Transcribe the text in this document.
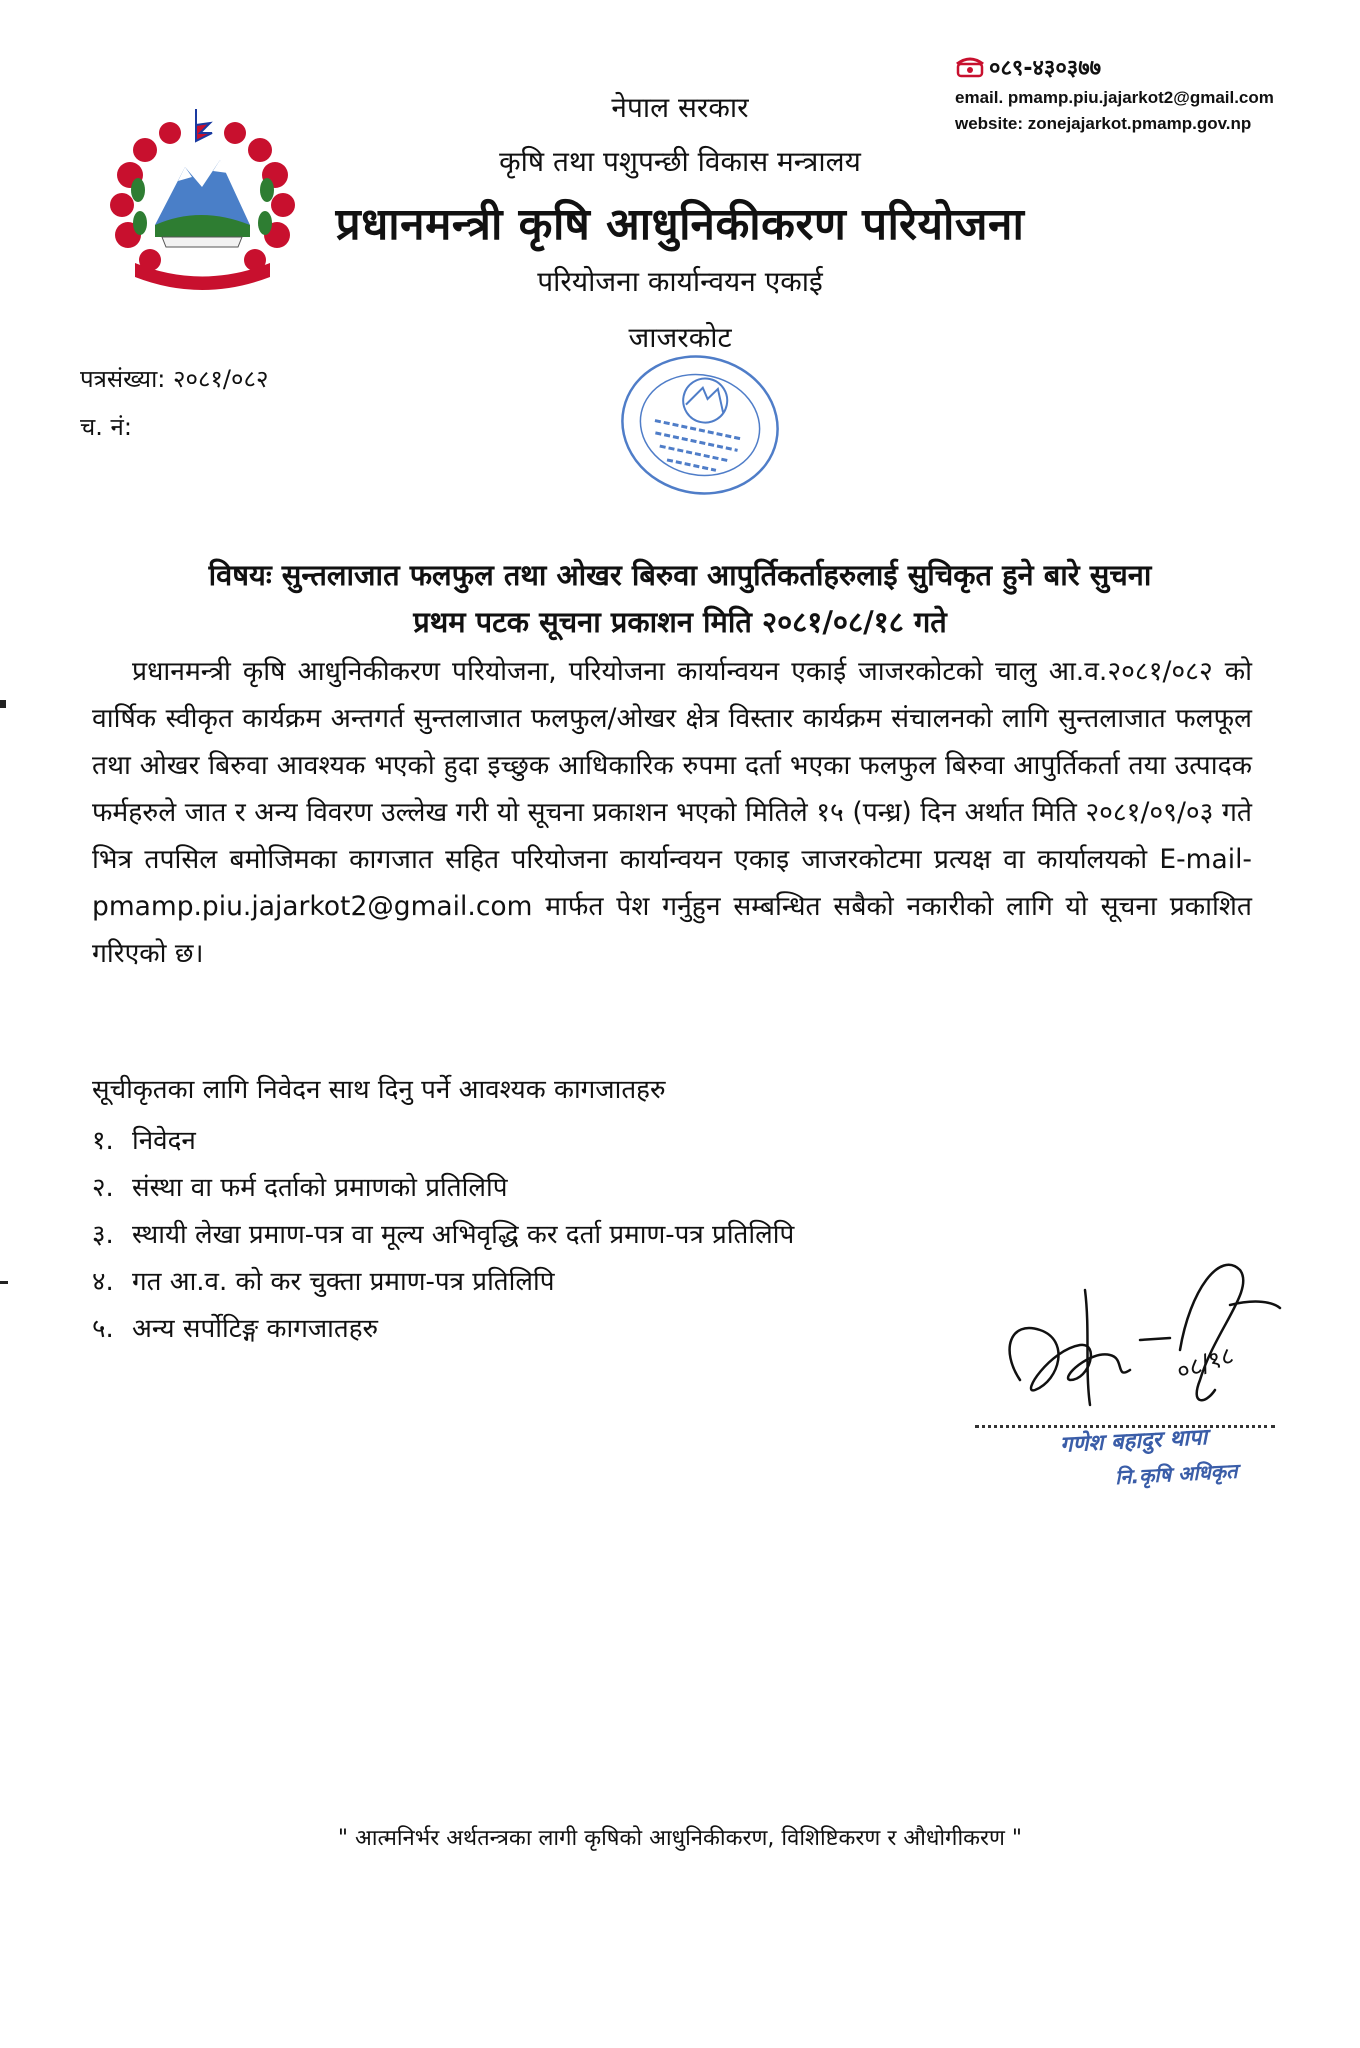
नेपाल सरकार
कृषि तथा पशुपन्छी विकास मन्त्रालय
प्रधानमन्त्री कृषि आधुनिकीकरण परियोजना
परियोजना कार्यान्वयन एकाई
जाजरकोट
०८९-४३०३७७
email. pmamp.piu.jajarkot2@gmail.com
website: zonejajarkot.pmamp.gov.np
पत्रसंख्या: २०८१/०८२
च. नं:
विषयः सुन्तलाजात फलफुल तथा ओखर बिरुवा आपुर्तिकर्ताहरुलाई सुचिकृत हुने बारे सुचना
प्रथम पटक सूचना प्रकाशन मिति २०८१/०८/१८ गते
प्रधानमन्त्री कृषि आधुनिकीकरण परियोजना, परियोजना कार्यान्वयन एकाई जाजरकोटको चालु आ.व.२०८१/०८२ को वार्षिक स्वीकृत कार्यक्रम अन्तगर्त सुन्तलाजात फलफुल/ओखर क्षेत्र विस्तार कार्यक्रम संचालनको लागि सुन्तलाजात फलफूल तथा ओखर बिरुवा आवश्यक भएको हुदा इच्छुक आधिकारिक रुपमा दर्ता भएका फलफुल बिरुवा आपुर्तिकर्ता तया उत्पादक फर्महरुले जात र अन्य विवरण उल्लेख गरी यो सूचना प्रकाशन भएको मितिले १५ (पन्ध्र) दिन अर्थात मिति २०८१/०९/०३ गते भित्र तपसिल बमोजिमका कागजात सहित परियोजना कार्यान्वयन एकाइ जाजरकोटमा प्रत्यक्ष वा कार्यालयको E-mail-pmamp.piu.jajarkot2@gmail.com मार्फत पेश गर्नुहुन सम्बन्धित सबैको नकारीको लागि यो सूचना प्रकाशित गरिएको छ।
सूचीकृतका लागि निवेदन साथ दिनु पर्ने आवश्यक कागजातहरु
१. निवेदन
२. संस्था वा फर्म दर्ताको प्रमाणको प्रतिलिपि
३. स्थायी लेखा प्रमाण-पत्र वा मूल्य अभिवृद्धि कर दर्ता प्रमाण-पत्र प्रतिलिपि
४. गत आ.व. को कर चुक्ता प्रमाण-पत्र प्रतिलिपि
५. अन्य सर्पोटिङ्ग कागजातहरु
०८/१८
गणेश बहादुर थापा
नि.कृषि अधिकृत
" आत्मनिर्भर अर्थतन्त्रका लागी कृषिको आधुनिकीकरण, विशिष्टिकरण र औधोगीकरण "
